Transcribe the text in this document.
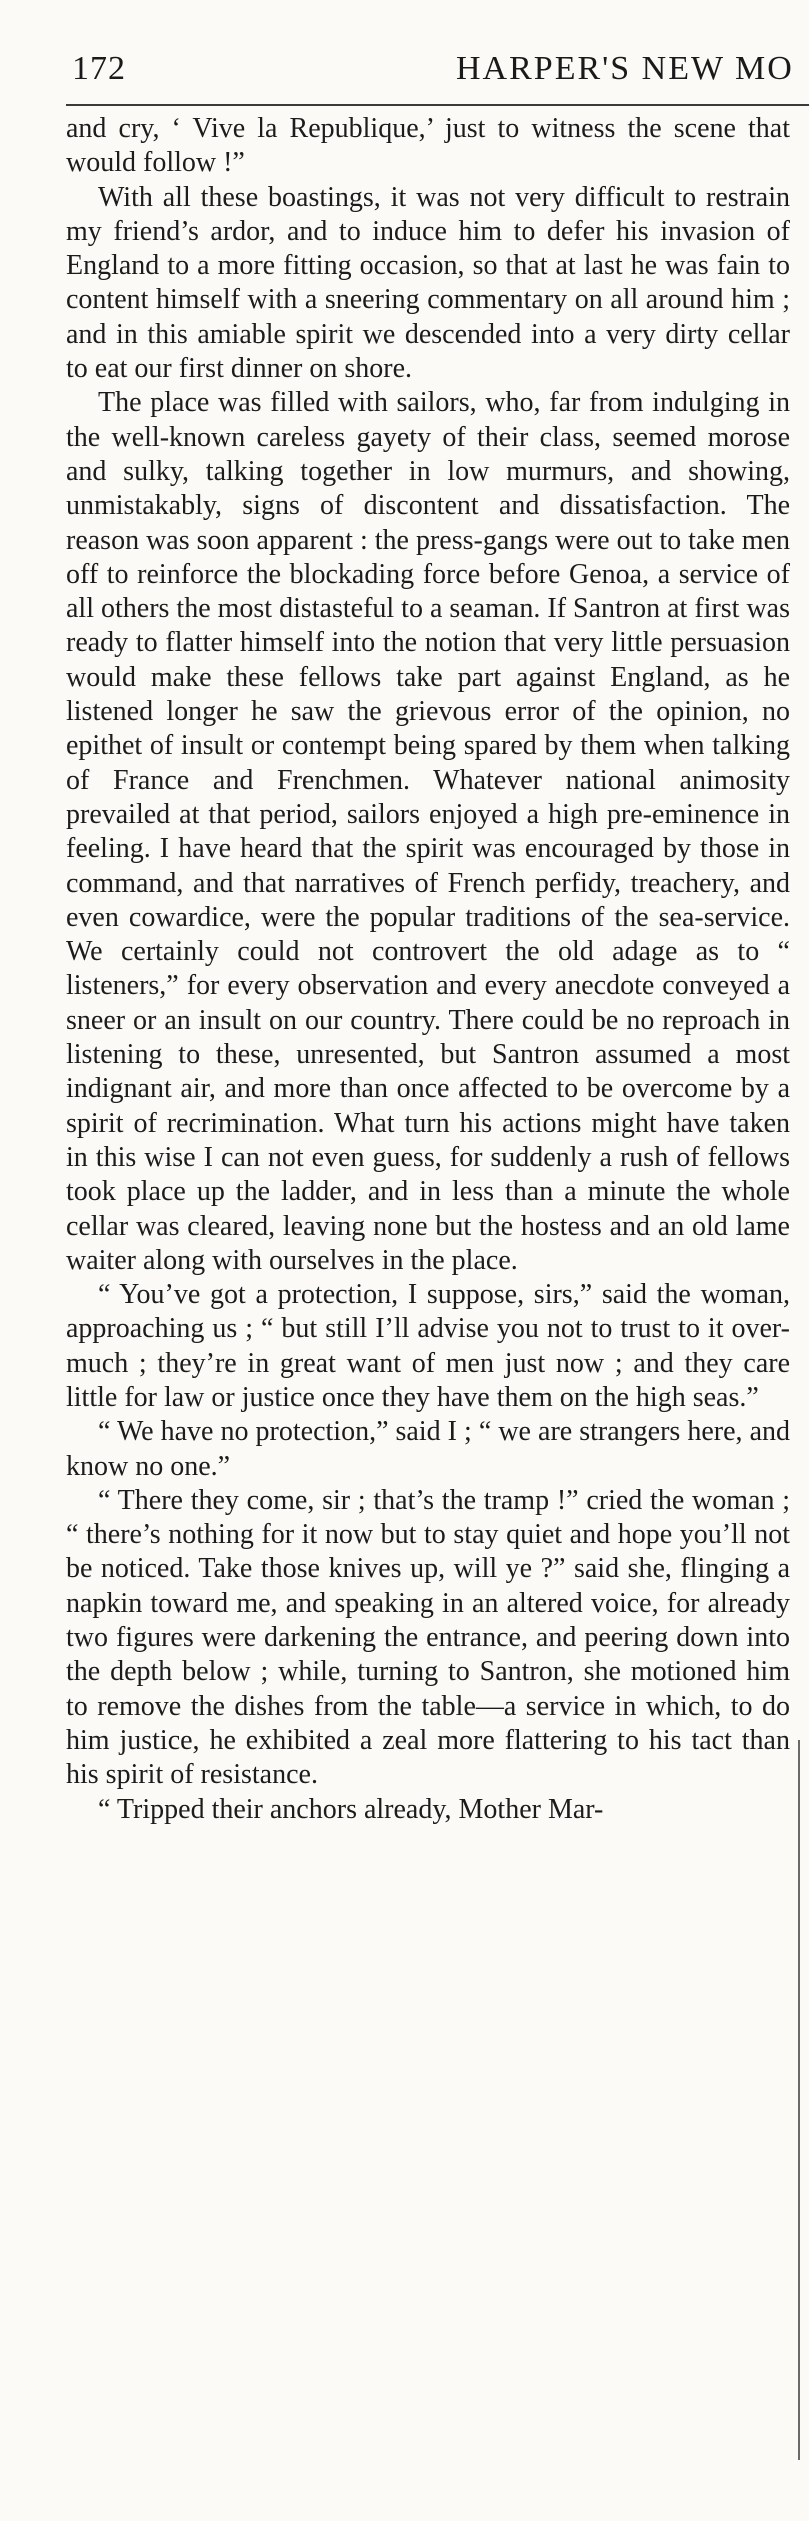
172	HARPER'S NEW MO

and cry, ‘ Vive la Republique,’ just to witness the scene that would follow !”

With all these boastings, it was not very difficult to restrain my friend’s ardor, and to induce him to defer his invasion of England to a more fitting occasion, so that at last he was fain to content himself with a sneering commentary on all around him ; and in this amiable spirit we descended into a very dirty cellar to eat our first dinner on shore.

The place was filled with sailors, who, far from indulging in the well-known careless gayety of their class, seemed morose and sulky, talking together in low murmurs, and showing, unmistakably, signs of discontent and dissatisfaction. The reason was soon apparent : the press-gangs were out to take men off to reinforce the blockading force before Genoa, a service of all others the most distasteful to a seaman. If Santron at first was ready to flatter himself into the notion that very little persuasion would make these fellows take part against England, as he listened longer he saw the grievous error of the opinion, no epithet of insult or contempt being spared by them when talking of France and Frenchmen. Whatever national animosity prevailed at that period, sailors enjoyed a high pre-eminence in feeling. I have heard that the spirit was encouraged by those in command, and that narratives of French perfidy, treachery, and even cowardice, were the popular traditions of the sea-service. We certainly could not controvert the old adage as to “ listeners,” for every observation and every anecdote conveyed a sneer or an insult on our country. There could be no reproach in listening to these, unresented, but Santron assumed a most indignant air, and more than once affected to be overcome by a spirit of recrimination. What turn his actions might have taken in this wise I can not even guess, for suddenly a rush of fellows took place up the ladder, and in less than a minute the whole cellar was cleared, leaving none but the hostess and an old lame waiter along with ourselves in the place.

“ You’ve got a protection, I suppose, sirs,” said the woman, approaching us ; “ but still I’ll advise you not to trust to it over-much ; they’re in great want of men just now ; and they care little for law or justice once they have them on the high seas.”

“ We have no protection,” said I ; “ we are strangers here, and know no one.”

“ There they come, sir ; that’s the tramp !” cried the woman ; “ there’s nothing for it now but to stay quiet and hope you’ll not be noticed. Take those knives up, will ye ?” said she, flinging a napkin toward me, and speaking in an altered voice, for already two figures were darkening the entrance, and peering down into the depth below ; while, turning to Santron, she motioned him to remove the dishes from the table—a service in which, to do him justice, he exhibited a zeal more flattering to his tact than his spirit of resistance.

“ Tripped their anchors already, Mother Mar-
